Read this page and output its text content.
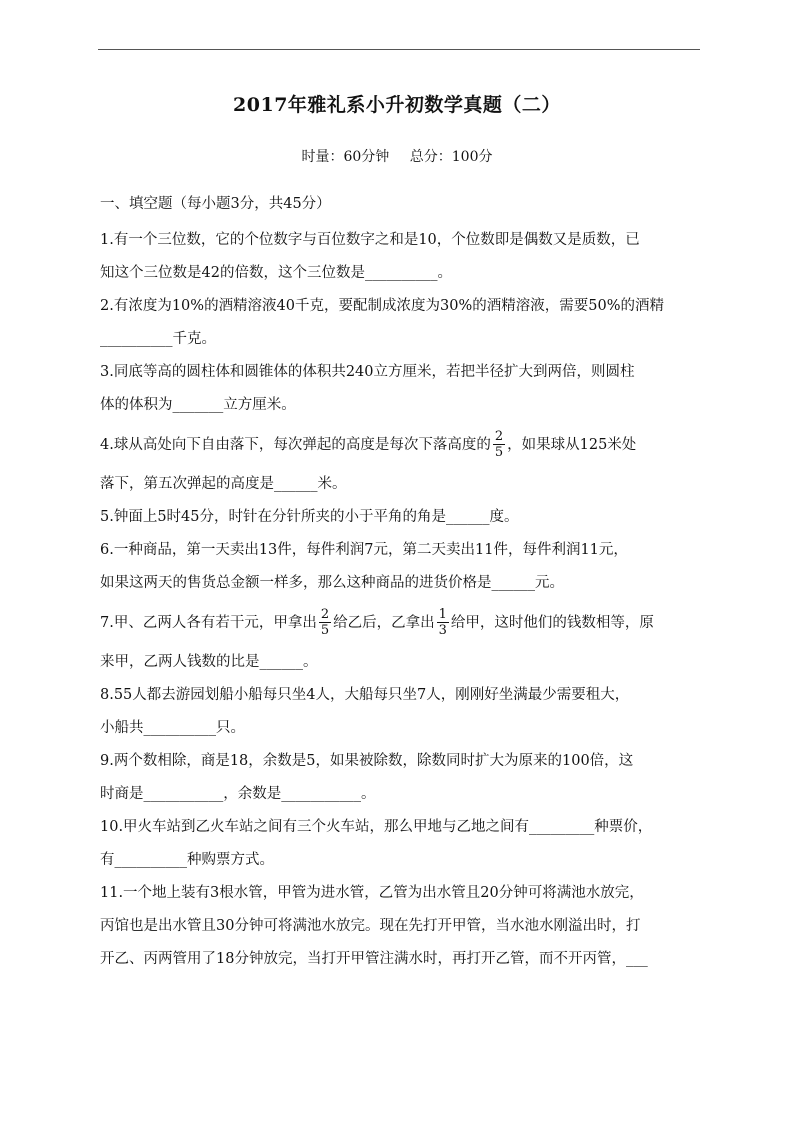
2017年雅礼系小升初数学真题（二）
时量：60分钟 总分：100分
一、填空题（每小题3分，共45分）
1.有一个三位数，它的个位数字与百位数字之和是10，个位数即是偶数又是质数，已
知这个三位数是42的倍数，这个三位数是__________。
2.有浓度为10%的酒精溶液40千克，要配制成浓度为30%的酒精溶液，需要50%的酒精
__________千克。
3.同底等高的圆柱体和圆锥体的体积共240立方厘米，若把半径扩大到两倍，则圆柱
体的体积为_______立方厘米。
4.球从高处向下自由落下，每次弹起的高度是每次下落高度的 $\frac{2}{5}$ ，如果球从125米处
落下，第五次弹起的高度是______米。
5.钟面上5时45分，时针在分针所夹的小于平角的角是______度。
6.一种商品，第一天卖出13件，每件利润7元，第二天卖出11件，每件利润11元，
如果这两天的售货总金额一样多，那么这种商品的进货价格是______元。
7.甲、乙两人各有若干元，甲拿出 $\frac{2}{5}$ 给乙后，乙拿出 $\frac{1}{3}$ 给甲，这时他们的钱数相等，原
来甲，乙两人钱数的比是______。
8.55人都去游园划船小船每只坐4人，大船每只坐7人，刚刚好坐满最少需要租大，
小船共__________只。
9.两个数相除，商是18，余数是5，如果被除数，除数同时扩大为原来的100倍，这
时商是___________，余数是___________。
10.甲火车站到乙火车站之间有三个火车站，那么甲地与乙地之间有_________种票价，
有__________种购票方式。
11.一个地上装有3根水管，甲管为进水管，乙管为出水管且20分钟可将满池水放完，
丙馆也是出水管且30分钟可将满池水放完。现在先打开甲管，当水池水刚溢出时，打
开乙、丙两管用了18分钟放完，当打开甲管注满水时，再打开乙管，而不开丙管，___
